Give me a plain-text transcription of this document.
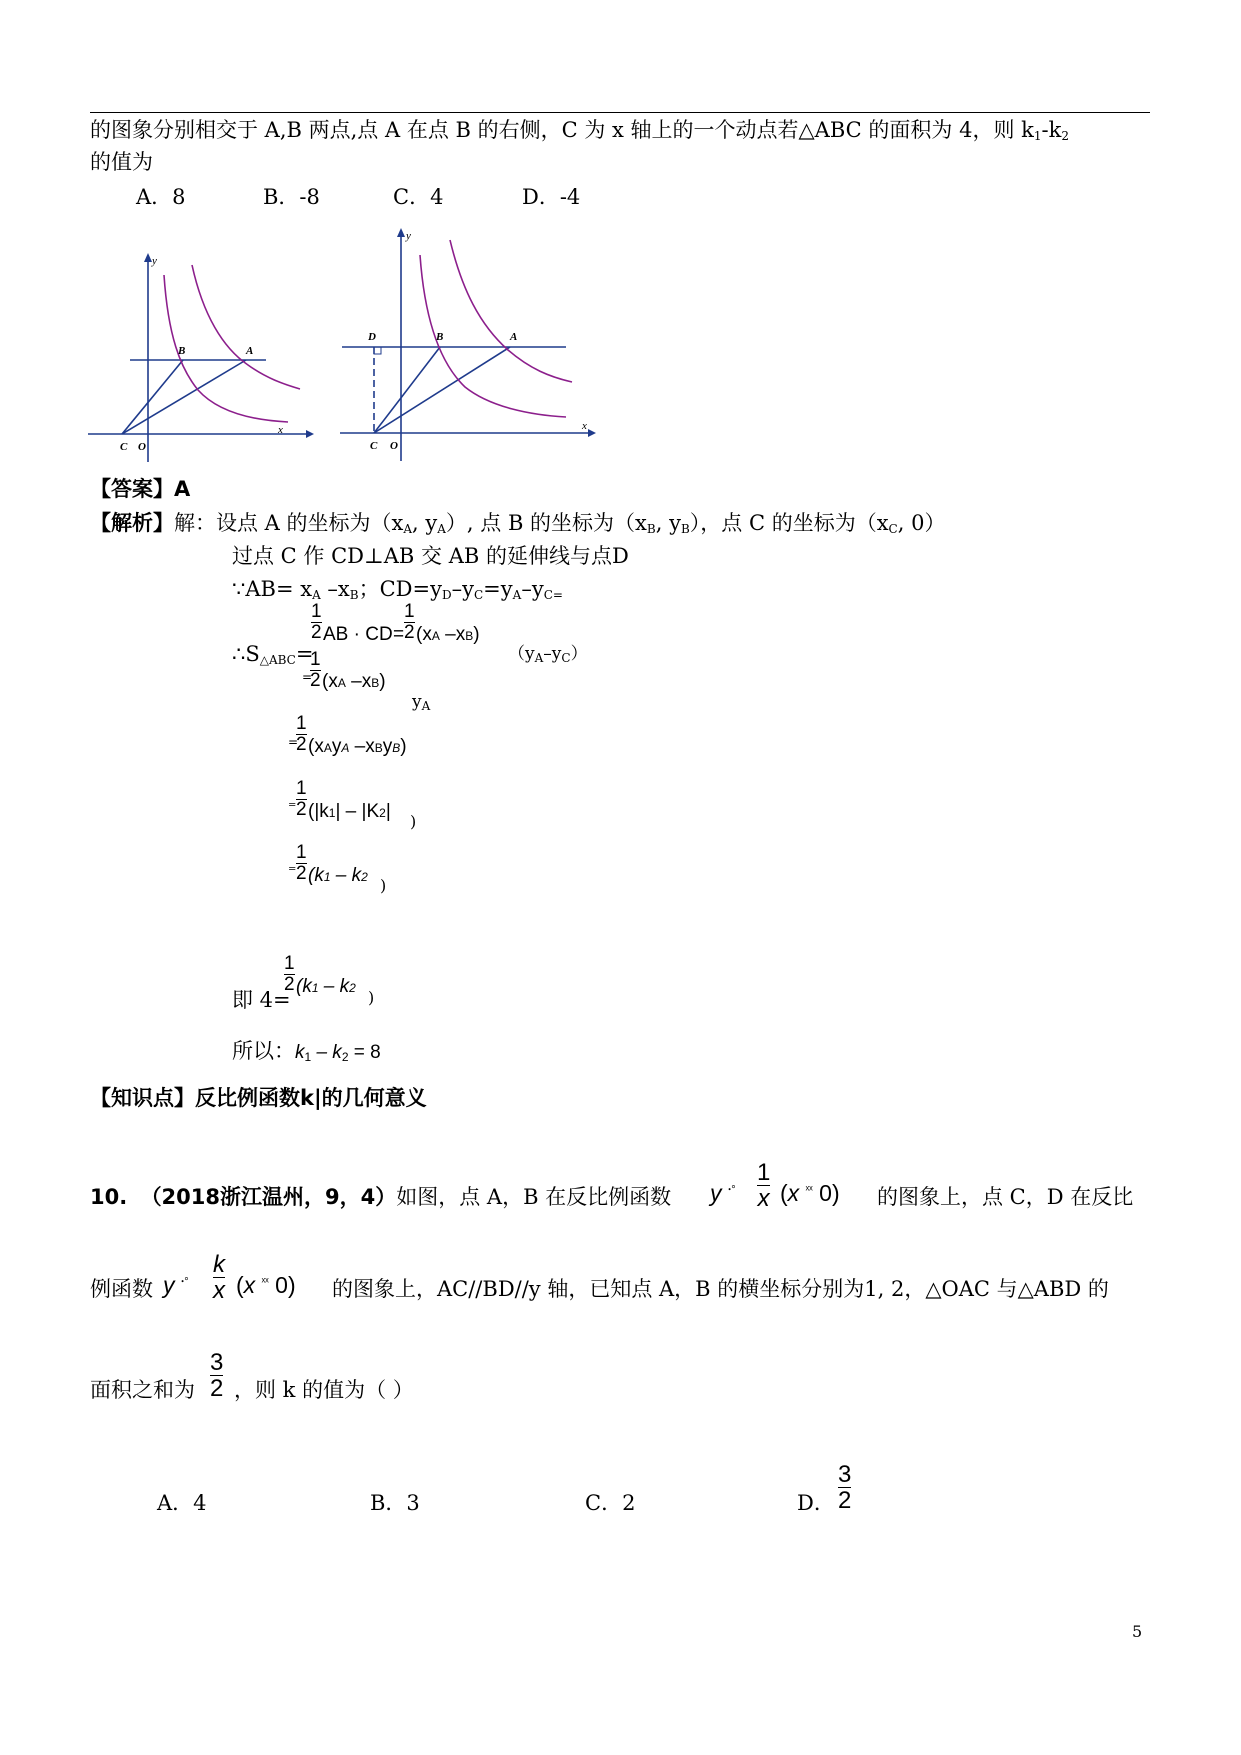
的图象分别相交于 A,B 两点,点 A 在点 B 的右侧，C 为 x 轴上的一个动点若△ABC 的面积为 4，则 $k_1-k_2$
的值为
A．8	B．-8	C．4	D．-4
y
x
B	A
C O
y
x
D	B	A
C O
【答案】A
【解析】解：设点 A 的坐标为（$x_A$, $y_A$）, 点 B 的坐标为（$x_B$, $y_B$），点 C 的坐标为（$x_C$, 0）
过点 C 作 CD⊥AB 交 AB 的延伸线与点D
∵AB= $x_A$ $-x_B$；$CD=y_D-y_C=y_A-y_{C=}$
$\therefore S_{\triangle ABC}=$
$\frac{1}{2}$ AB · CD = $\frac{1}{2} (xA$ –xB)
$(y_A-y_C)$
=
$\frac{1}{2} (xA$ –xB)
$y_A$
=
$\frac{1}{2}$ (xAyA –xByB)
= $\frac{1}{2} (|k1| - |K2|$ )
= $\frac{1}{2} (k1 - k2$ )
即 4=
$\frac{1}{2} (k1 - k2$ )
所以：$k_1 - k_2 = 8$
【知识点】反比例函数k|的几何意义
10. （2018浙江温州，9，4）如图，点 A，B 在反比例函数 y $^{ꞏ^\circ} \frac{1}{x} (x$ $^{ˣˣ}$ 0) 的图象上，点 C，D 在反比
例函数 y $^{ꞏ^\circ} \frac{k}{x} (x$ $^{ˣˣ}$ 0) 的图象上，AC//BD//y 轴，已知点 A，B 的横坐标分别为1, 2，△OAC 与△ABD 的
面积之和为 $\frac{3}{2}$ ，则 k 的值为（ ）
A．4	B．3	C．2	D． $\frac{3}{2}$
5
